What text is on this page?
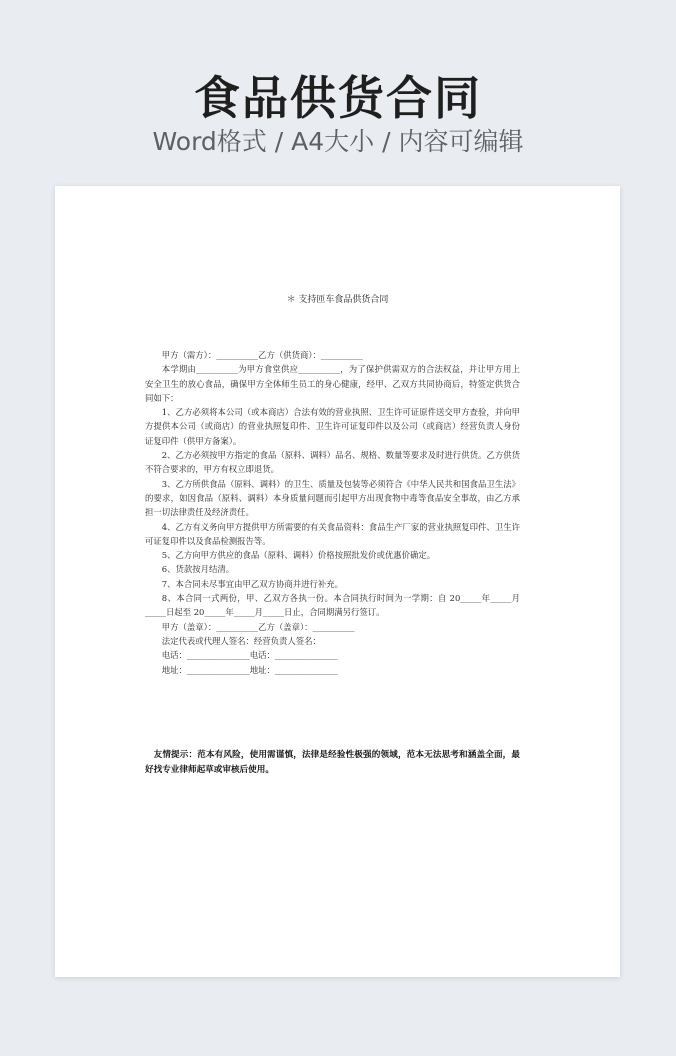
食品供货合同
Word格式 / A4大小 / 内容可编辑
＊ 支持匝车食品供货合同

甲方（需方）：__________乙方（供货商）：__________

本学期由__________为甲方食堂供应__________，为了保护供需双方的合法权益，并让甲方用上安全卫生的放心食品，确保甲方全体师生员工的身心健康，经甲、乙双方共同协商后，特签定供货合同如下：

1、乙方必须将本公司（或本商店）合法有效的营业执照、卫生许可证原件送交甲方查验，并向甲方提供本公司（或商店）的营业执照复印件、卫生许可证复印件以及公司（或商店）经营负责人身份证复印件（供甲方备案）。

2、乙方必须按甲方指定的食品（原料、调料）品名、规格、数量等要求及时进行供货。乙方供货不符合要求的，甲方有权立即退货。

3、乙方所供食品（原料、调料）的卫生、质量及包装等必须符合《中华人民共和国食品卫生法》的要求，如因食品（原料、调料）本身质量问题而引起甲方出现食物中毒等食品安全事故，由乙方承担一切法律责任及经济责任。

4、乙方有义务向甲方提供甲方所需要的有关食品资料：食品生产厂家的营业执照复印件、卫生许可证复印件以及食品检测报告等。

5、乙方向甲方供应的食品（原料、调料）价格按照批发价或优惠价确定。

6、货款按月结清。

7、本合同未尽事宜由甲乙双方协商并进行补充。

8、本合同一式两份，甲、乙双方各执一份。本合同执行时间为一学期：自 20_____年_____月_____日起至 20_____年_____月_____日止，合同期满另行签订。

甲方（盖章）：__________乙方（盖章）：__________

法定代表或代理人签名：经营负责人签名：

电话：_______________电话：_______________

地址：_______________地址：_______________

友情提示：范本有风险，使用需谨慎，法律是经验性极强的领域，范本无法思考和涵盖全面，最好找专业律师起草或审核后使用。
